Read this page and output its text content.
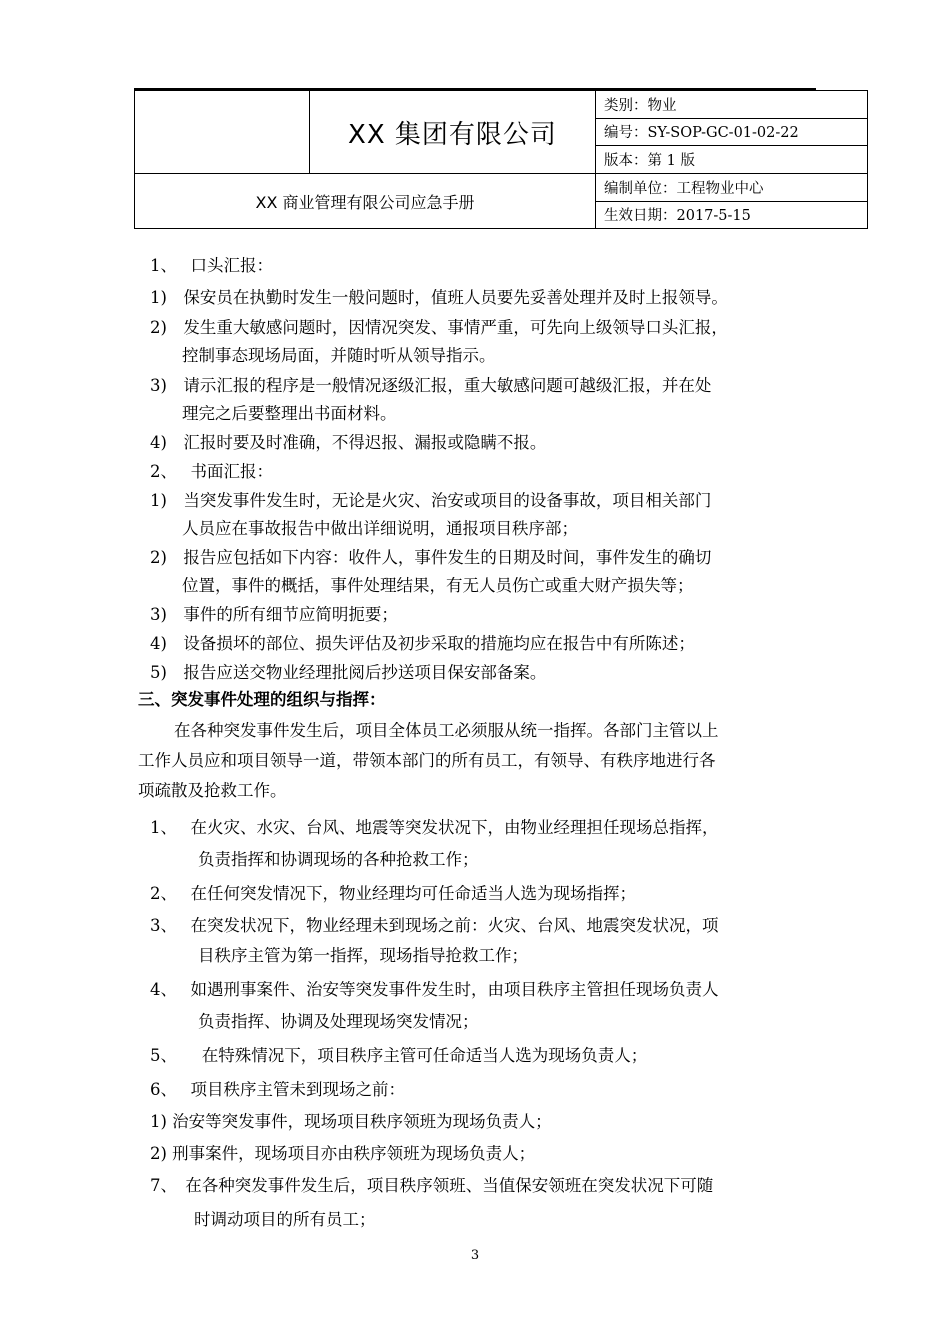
	XX 集团有限公司	类别：物业
		编号：SY-SOP-GC-01-02-22
		版本：第 1 版
XX 商业管理有限公司应急手册		编制单位：工程物业中心
		生效日期：2017-5-15
1、　 口头汇报：
1)　保安员在执勤时发生一般问题时，值班人员要先妥善处理并及时上报领导。
2)　发生重大敏感问题时，因情况突发、事情严重，可先向上级领导口头汇报，
控制事态现场局面，并随时听从领导指示。
3)　请示汇报的程序是一般情况逐级汇报，重大敏感问题可越级汇报，并在处
理完之后要整理出书面材料。
4)　汇报时要及时准确，不得迟报、漏报或隐瞒不报。
2、　 书面汇报：
1)　当突发事件发生时，无论是火灾、治安或项目的设备事故，项目相关部门
人员应在事故报告中做出详细说明，通报项目秩序部；
2)　报告应包括如下内容：收件人，事件发生的日期及时间，事件发生的确切
位置，事件的概括，事件处理结果，有无人员伤亡或重大财产损失等；
3)　事件的所有细节应简明扼要；
4)　设备损坏的部位、损失评估及初步采取的措施均应在报告中有所陈述；
5)　报告应送交物业经理批阅后抄送项目保安部备案。
三、突发事件处理的组织与指挥：
在各种突发事件发生后，项目全体员工必须服从统一指挥。各部门主管以上
工作人员应和项目领导一道，带领本部门的所有员工，有领导、有秩序地进行各
项疏散及抢救工作。
1、　 在火灾、水灾、台风、地震等突发状况下，由物业经理担任现场总指挥，
负责指挥和协调现场的各种抢救工作；
2、　 在任何突发情况下，物业经理均可任命适当人选为现场指挥；
3、　 在突发状况下，物业经理未到现场之前：火灾、台风、地震突发状况，项
目秩序主管为第一指挥，现场指导抢救工作；
4、　 如遇刑事案件、治安等突发事件发生时，由项目秩序主管担任现场负责人
负责指挥、协调及处理现场突发情况；
5、　　在特殊情况下，项目秩序主管可任命适当人选为现场负责人；
6、　 项目秩序主管未到现场之前：
1) 治安等突发事件，现场项目秩序领班为现场负责人；
2) 刑事案件，现场项目亦由秩序领班为现场负责人；
7、　在各种突发事件发生后，项目秩序领班、当值保安领班在突发状况下可随
时调动项目的所有员工；
3
